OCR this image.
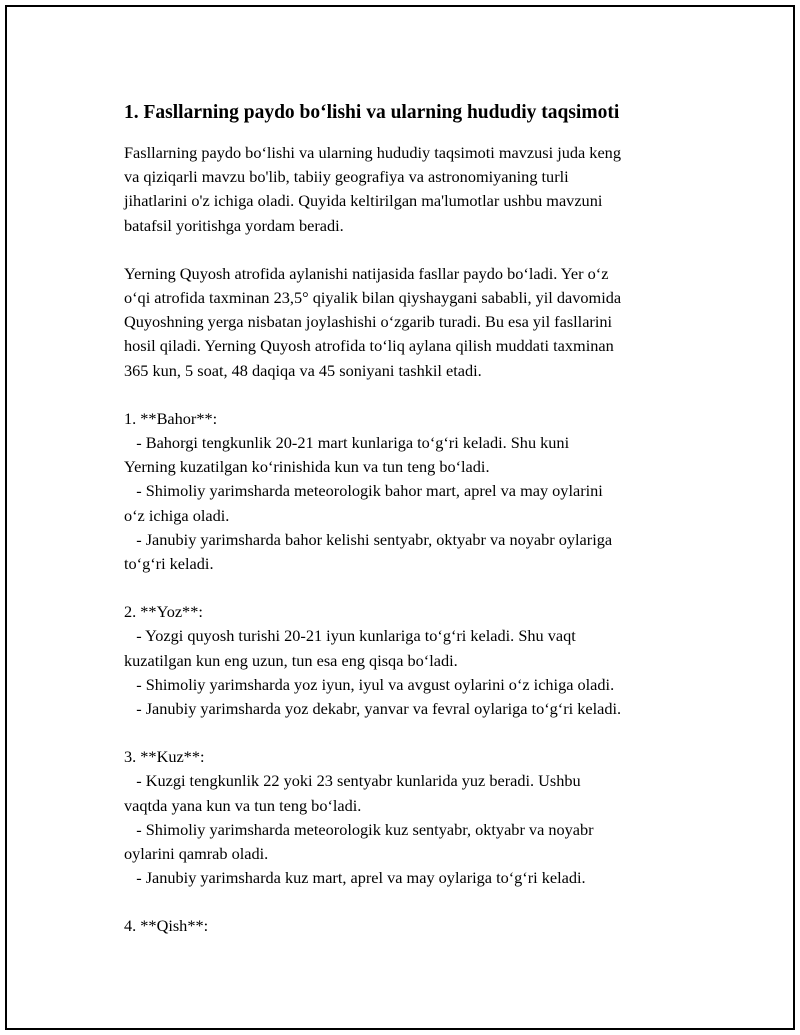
1. Fasllarning paydo bo‘lishi va ularning hududiy taqsimoti

Fasllarning paydo bo‘lishi va ularning hududiy taqsimoti mavzusi juda keng
va qiziqarli mavzu bo'lib, tabiiy geografiya va astronomiyaning turli
jihatlarini o'z ichiga oladi. Quyida keltirilgan ma'lumotlar ushbu mavzuni
batafsil yoritishga yordam beradi.

Yerning Quyosh atrofida aylanishi natijasida fasllar paydo bo‘ladi. Yer o‘z
o‘qi atrofida taxminan 23,5° qiyalik bilan qiyshaygani sababli, yil davomida
Quyoshning yerga nisbatan joylashishi o‘zgarib turadi. Bu esa yil fasllarini
hosil qiladi. Yerning Quyosh atrofida to‘liq aylana qilish muddati taxminan
365 kun, 5 soat, 48 daqiqa va 45 soniyani tashkil etadi.

1. **Bahor**:
- Bahorgi tengkunlik 20-21 mart kunlariga to‘g‘ri keladi. Shu kuni
Yerning kuzatilgan ko‘rinishida kun va tun teng bo‘ladi.
- Shimoliy yarimsharda meteorologik bahor mart, aprel va may oylarini
o‘z ichiga oladi.
- Janubiy yarimsharda bahor kelishi sentyabr, oktyabr va noyabr oylariga
to‘g‘ri keladi.

2. **Yoz**:
- Yozgi quyosh turishi 20-21 iyun kunlariga to‘g‘ri keladi. Shu vaqt
kuzatilgan kun eng uzun, tun esa eng qisqa bo‘ladi.
- Shimoliy yarimsharda yoz iyun, iyul va avgust oylarini o‘z ichiga oladi.
- Janubiy yarimsharda yoz dekabr, yanvar va fevral oylariga to‘g‘ri keladi.

3. **Kuz**:
- Kuzgi tengkunlik 22 yoki 23 sentyabr kunlarida yuz beradi. Ushbu
vaqtda yana kun va tun teng bo‘ladi.
- Shimoliy yarimsharda meteorologik kuz sentyabr, oktyabr va noyabr
oylarini qamrab oladi.
- Janubiy yarimsharda kuz mart, aprel va may oylariga to‘g‘ri keladi.

4. **Qish**:
